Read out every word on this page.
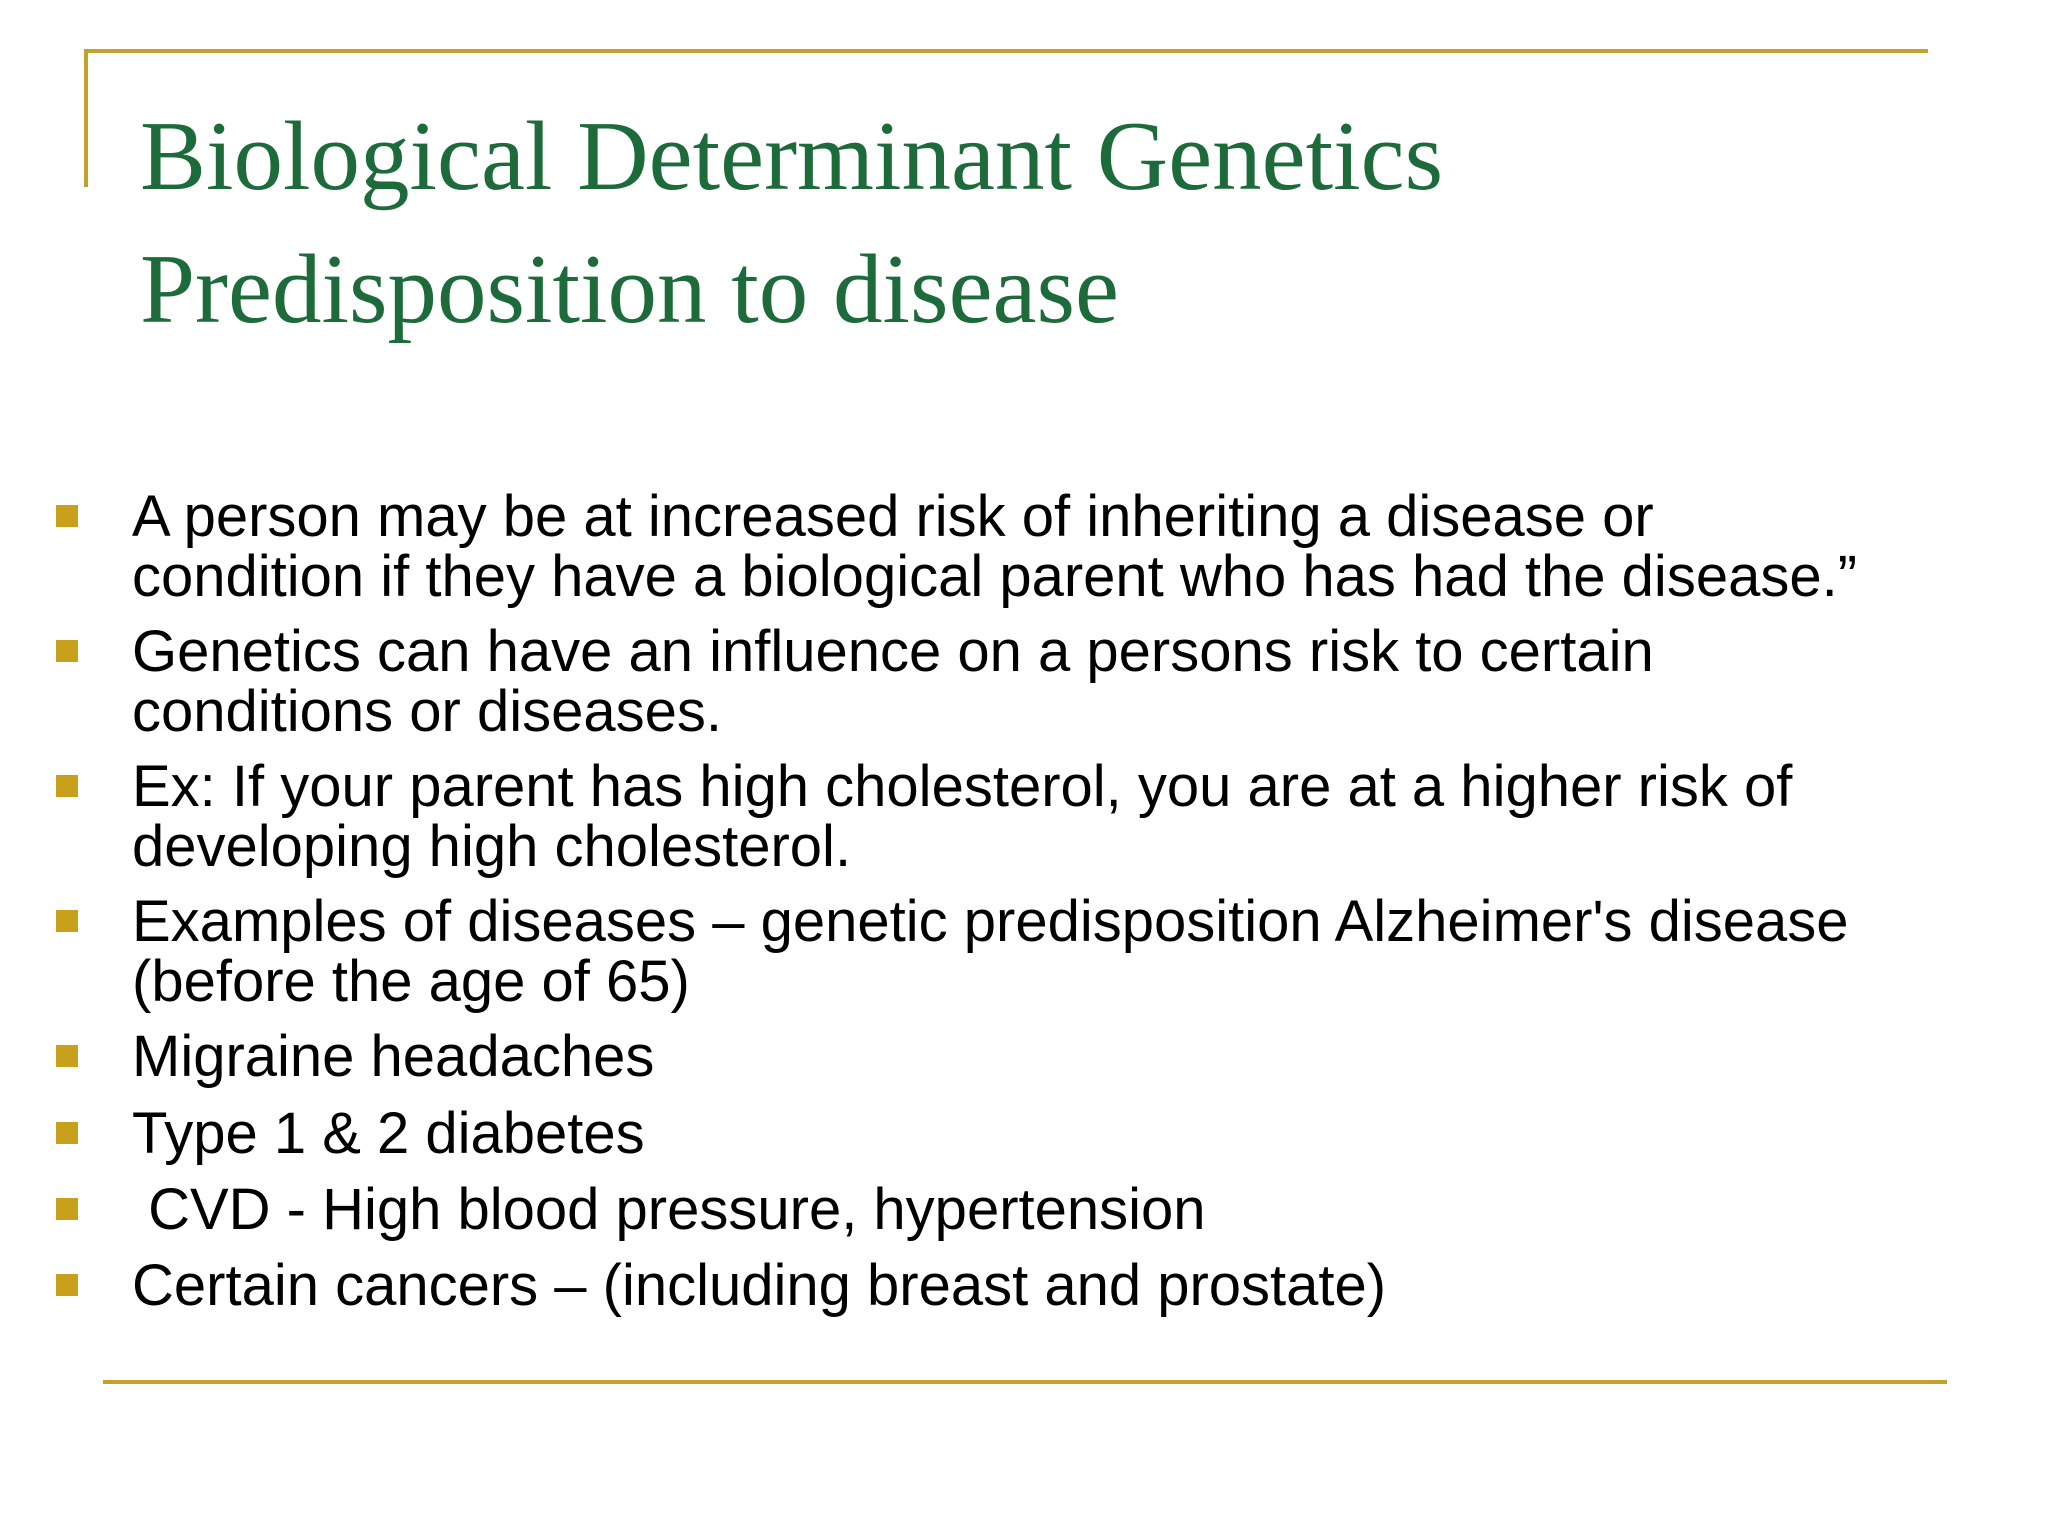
Biological Determinant Genetics
Predisposition to disease
A person may be at increased risk of inheriting a disease or
condition if they have a biological parent who has had the disease.”
Genetics can have an influence on a persons risk to certain
conditions or diseases.
Ex: If your parent has high cholesterol, you are at a higher risk of
developing high cholesterol.
Examples of diseases – genetic predisposition Alzheimer's disease
(before the age of 65)
Migraine headaches
Type 1 & 2 diabetes
CVD - High blood pressure, hypertension
Certain cancers – (including breast and prostate)
